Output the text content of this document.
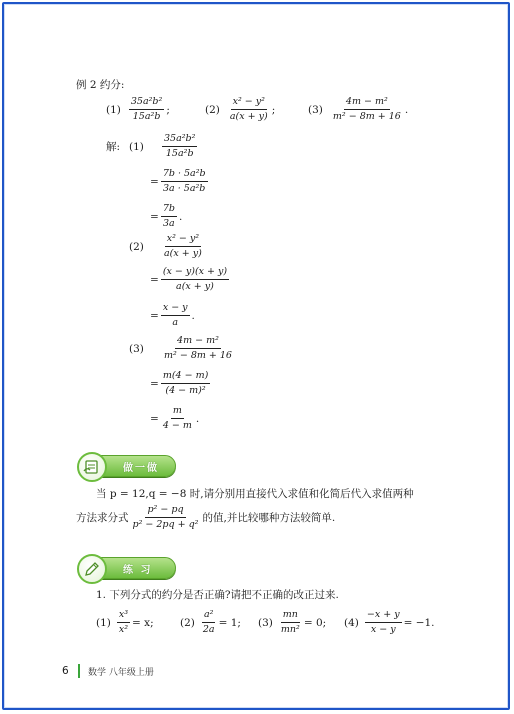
例 2 约分:
$(1) \frac{\text{35a²b²}}{\text{15a²b}}$ ;	$(2) \frac{\text{x² − y²}}{a(x + y)}$ ;	$(3) \frac{\text{4m − m²}}{\text{m² − 8m + 16}}$ .
解: $(1) \frac{\text{35a²b²}}{\text{15a²b}}$
= $\frac{\text{7b · 5a²b}}{\text{3a · 5a²b}}$
= $\frac{7b}{3a}$ .
$(2) \frac{\text{x² − y²}}{a(x + y)}$
= $\frac{(x - y)(x + y)}{a(x + y)}$
= $\frac{x - y}{a}$ .
$(3) \frac{\text{4m − m²}}{\text{m² − 8m + 16}}$
= $\frac{m(4 - m)}{\text{(4 − m)²}}$
= $\frac{m}{4 - m}$ .
做一做
当 p = 12,q = −8 时,请分别用直接代入求值和化简后代入求值两种
方法求分式 $\frac{\text{p² − pq}}{\text{p² − 2pq + q²}}$ 的值,并比较哪种方法较简单.
练 习
1. 下列分式的约分是否正确?请把不正确的改正过来.
$(1) \frac{\text{x³}}{\text{x²}} = x$;	$(2) \frac{\text{a²}}{2a} = 1$; $(3) \frac{mn}{\text{mn²}} = 0$; $(4) \frac{-x + y}{x - y} = -1$.
6 数学 八年级上册
